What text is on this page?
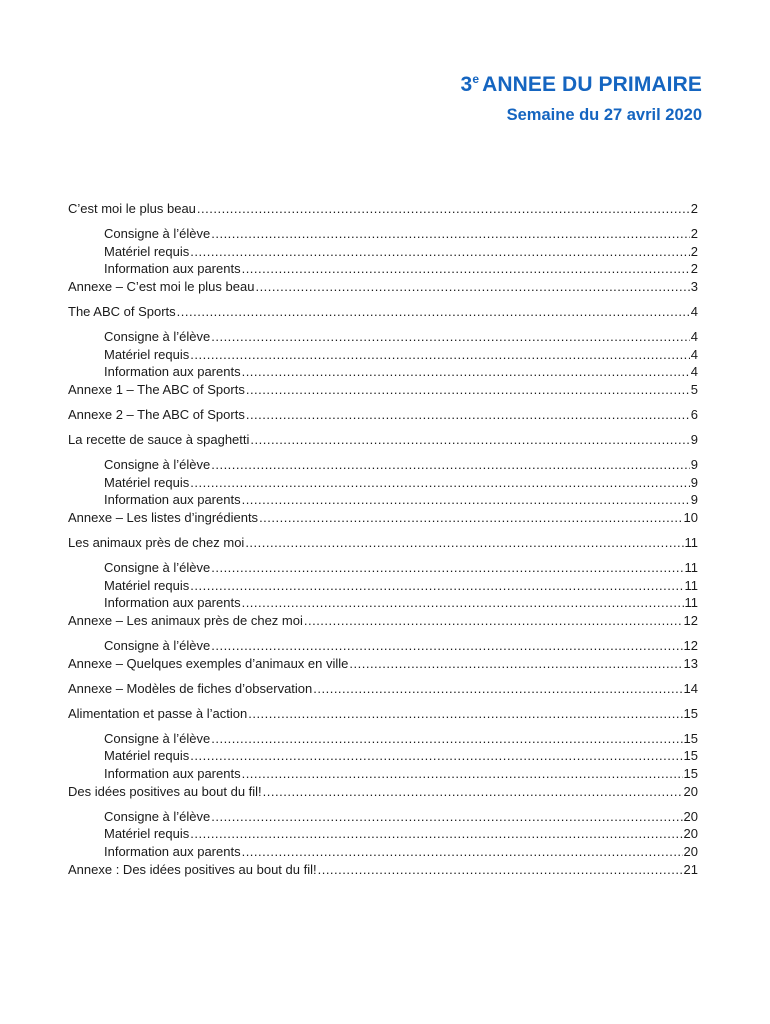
3e ANNEE DU PRIMAIRE
Semaine du 27 avril 2020
C’est moi le plus beau .....	2
Consigne à l’élève .....	2
Matériel requis .....	2
Information aux parents .....	2
Annexe – C’est moi le plus beau .....	3
The ABC of Sports .....	4
Consigne à l’élève .....	4
Matériel requis .....	4
Information aux parents .....	4
Annexe 1 – The ABC of Sports .....	5
Annexe 2 – The ABC of Sports .....	6
La recette de sauce à spaghetti .....	9
Consigne à l’élève .....	9
Matériel requis .....	9
Information aux parents .....	9
Annexe – Les listes d’ingrédients .....	10
Les animaux près de chez moi .....	11
Consigne à l’élève .....	11
Matériel requis .....	11
Information aux parents .....	11
Annexe – Les animaux près de chez moi .....	12
Consigne à l’élève .....	12
Annexe – Quelques exemples d’animaux en ville .....	13
Annexe – Modèles de fiches d’observation .....	14
Alimentation et passe à l’action .....	15
Consigne à l’élève .....	15
Matériel requis .....	15
Information aux parents .....	15
Des idées positives au bout du fil! .....	20
Consigne à l’élève .....	20
Matériel requis .....	20
Information aux parents .....	20
Annexe : Des idées positives au bout du fil! .....	21
